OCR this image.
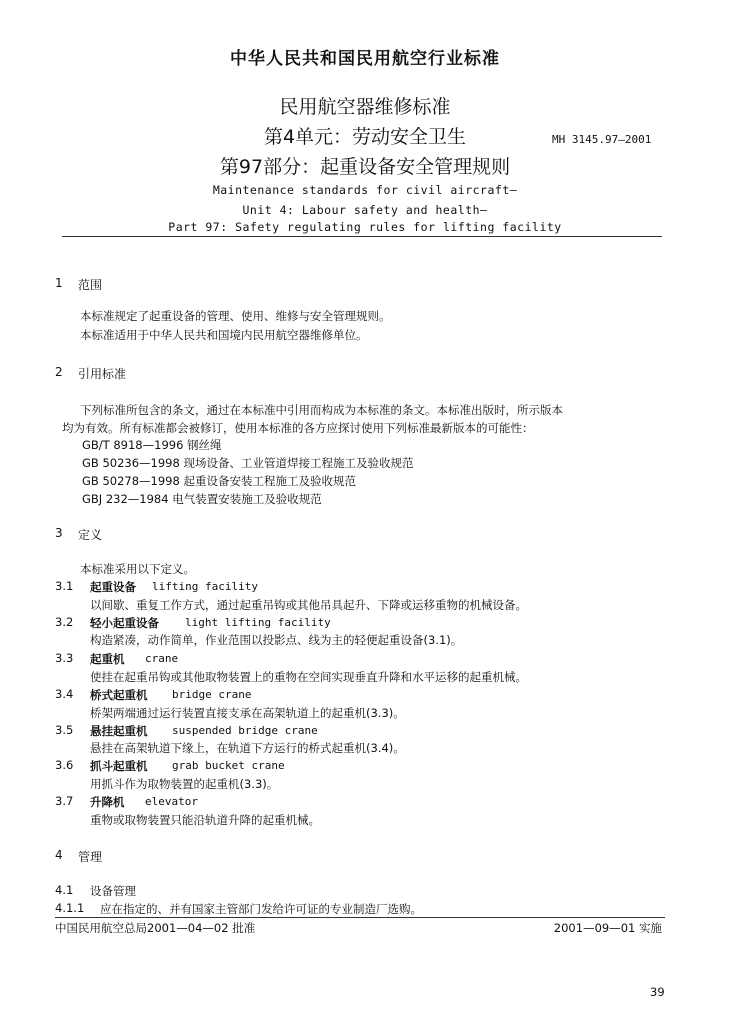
中华人民共和国民用航空行业标准
民用航空器维修标准
第4单元：劳动安全卫生	MH 3145.97—2001
第97部分：起重设备安全管理规则
Maintenance standards for civil aircraft—
Unit 4: Labour safety and health—
Part 97: Safety regulating rules for lifting facility
1 范围
本标准规定了起重设备的管理、使用、维修与安全管理规则。
本标准适用于中华人民共和国境内民用航空器维修单位。
2 引用标准
下列标准所包含的条文，通过在本标准中引用而构成为本标准的条文。本标准出版时，所示版本
均为有效。所有标准都会被修订，使用本标准的各方应探讨使用下列标准最新版本的可能性：
GB/T 8918—1996 钢丝绳
GB 50236—1998 现场设备、工业管道焊接工程施工及验收规范
GB 50278—1998 起重设备安装工程施工及验收规范
GBJ 232—1984 电气装置安装施工及验收规范
3 定义
本标准采用以下定义。
3.1 起重设备 lifting facility
以间歇、重复工作方式，通过起重吊钩或其他吊具起升、下降或运移重物的机械设备。
3.2 轻小起重设备 light lifting facility
构造紧凑，动作简单，作业范围以投影点、线为主的轻便起重设备(3.1)。
3.3 起重机 crane
使挂在起重吊钩或其他取物装置上的重物在空间实现垂直升降和水平运移的起重机械。
3.4 桥式起重机 bridge crane
桥架两端通过运行装置直接支承在高架轨道上的起重机(3.3)。
3.5 悬挂起重机 suspended bridge crane
悬挂在高架轨道下缘上，在轨道下方运行的桥式起重机(3.4)。
3.6 抓斗起重机 grab bucket crane
用抓斗作为取物装置的起重机(3.3)。
3.7 升降机 elevator
重物或取物装置只能沿轨道升降的起重机械。
4 管理
4.1 设备管理
4.1.1 应在指定的、并有国家主管部门发给许可证的专业制造厂选购。
中国民用航空总局2001—04—02 批准	2001—09—01 实施
39
